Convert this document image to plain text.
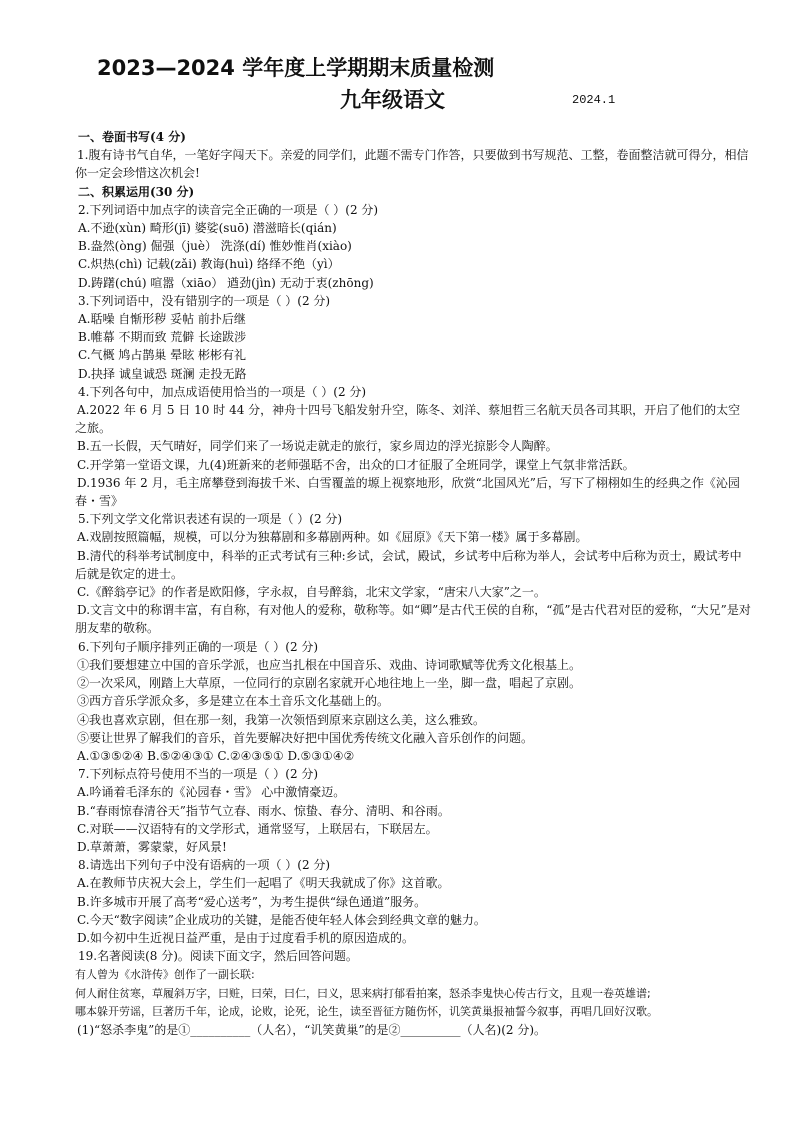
2023—2024 学年度上学期期末质量检测
九年级语文	2024.1
一、卷面书写(4 分)
1.腹有诗书气自华，一笔好字闯天下。亲爱的同学们，此题不需专门作答，只要做到书写规范、工整，卷面整洁就可得分，相信你一定会珍惜这次机会!
二、积累运用(30 分)
2.下列词语中加点字的读音完全正确的一项是（ ）(2 分)
A.不逊(xùn) 畸形(jī) 婆娑(suō) 潜滋暗长(qián)
B.盎然(òng) 倔强（juè） 洗涤(dí) 惟妙惟肖(xiào)
C.炽热(chì) 记载(zǎi) 教诲(huì) 络绎不绝（yì）
D.踌躇(chú) 喧嚣（xiāo） 遒劲(jìn) 无动于衷(zhōng)
3.下列词语中，没有错别字的一项是（ ）(2 分)
A.聒噪 自惭形秽 妥帖 前扑后继
B.帷幕 不期而致 荒僻 长途跋涉
C.气概 鸠占鹊巢 晕眩 彬彬有礼
D.抉择 诚皇诚恐 斑澜 走投无路
4.下列各句中，加点成语使用恰当的一项是（ ）(2 分)
A.2022 年 6 月 5 日 10 时 44 分，神舟十四号飞船发射升空，陈冬、刘洋、蔡旭哲三名航天员各司其职，开启了他们的太空之旅。
B.五一长假，天气晴好，同学们来了一场说走就走的旅行，家乡周边的浮光掠影令人陶醉。
C.开学第一堂语文课，九(4)班新来的老师强聒不舍，出众的口才征服了全班同学，课堂上气氛非常活跃。
D.1936 年 2 月，毛主席攀登到海拔千米、白雪覆盖的塬上视察地形，欣赏“北国风光”后，写下了栩栩如生的经典之作《沁园春・雪》
5.下列文学文化常识表述有误的一项是（ ）(2 分)
A.戏剧按照篇幅，规模，可以分为独幕剧和多幕剧两种。如《屈原》《天下第一楼》属于多幕剧。
B.清代的科举考试制度中，科举的正式考试有三种:乡试，会试，殿试，乡试考中后称为举人，会试考中后称为贡士，殿试考中后就是钦定的进士。
C.《醉翁亭记》的作者是欧阳修，字永叔，自号醉翁，北宋文学家，“唐宋八大家”之一。
D.文言文中的称谓丰富，有自称，有对他人的爱称，敬称等。如“卿”是古代王侯的自称，“孤”是古代君对臣的爱称，“大兄”是对朋友辈的敬称。
6.下列句子顺序排列正确的一项是（ ）(2 分)
①我们要想建立中国的音乐学派，也应当扎根在中国音乐、戏曲、诗词歌赋等优秀文化根基上。
②一次采风，刚踏上大草原，一位同行的京剧名家就开心地往地上一坐，脚一盘，唱起了京剧。
③西方音乐学派众多，多是建立在本土音乐文化基础上的。
④我也喜欢京剧，但在那一刻，我第一次领悟到原来京剧这么美，这么雅致。
⑤要让世界了解我们的音乐，首先要解决好把中国优秀传统文化融入音乐创作的问题。
A.①③⑤②④ B.⑤②④③① C.②④③⑤① D.⑤③①④②
7.下列标点符号使用不当的一项是（ ）(2 分)
A.吟诵着毛泽东的《沁园春・雪》 心中激情豪迈。
B.“春雨惊春清谷天”指节气立春、雨水、惊蛰、春分、清明、和谷雨。
C.对联——汉语特有的文学形式，通常竖写，上联居右，下联居左。
D.草萧萧，雾蒙蒙，好风景!
8.请选出下列句子中没有语病的一项（ ）(2 分)
A.在教师节庆祝大会上，学生们一起唱了《明天我就成了你》这首歌。
B.许多城市开展了高考“爱心送考”，为考生提供“绿色通道”服务。
C.今天“数字阅读”企业成功的关键，是能否使年轻人体会到经典文章的魅力。
D.如今初中生近视日益严重，是由于过度看手机的原因造成的。
19.名著阅读(8 分)。阅读下面文字，然后回答问题。
有人曾为《水浒传》创作了一副长联:
何人耐住贫寒，草履斜万字，曰赃，曰荣，曰仁，曰义，思来病打郁看拍案，怒杀李鬼快心传古行文，且观一卷英雄谱;
哪本躲开劳谣，巨著历千年，论成，论败，论死，论生，读至晋征方随伤怀，讥笑黄巢报袖誓今叙事，再唱几回好汉歌。
(1)“怒杀李鬼”的是①__________（人名），“讥笑黄巢”的是②__________（人名)(2 分)。
